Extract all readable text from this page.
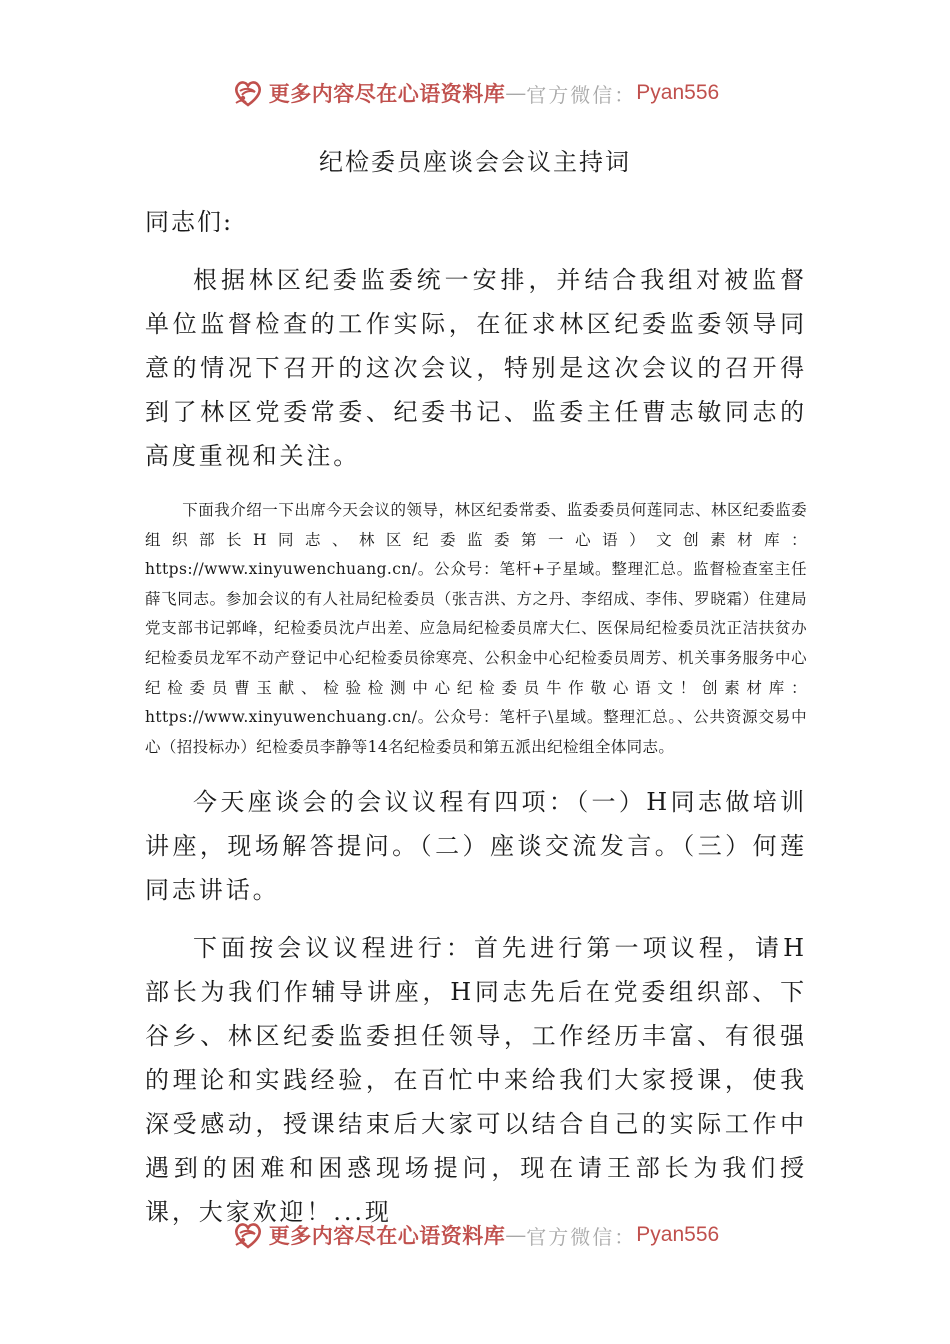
更多内容尽在心语资料库 — 官方微信： Pyan556
纪检委员座谈会会议主持词
同志们:

根据林区纪委监委统一安排，并结合我组对被监督单位监督检查的工作实际，在征求林区纪委监委领导同意的情况下召开的这次会议，特别是这次会议的召开得到了林区党委常委、纪委书记、监委主任曹志敏同志的高度重视和关注。

下面我介绍一下出席今天会议的领导，林区纪委常委、监委委员何莲同志、林区纪委监委组织部长H同志、林区纪委监委第一心语）文创素材库：https://www.xinyuwenchuang.cn/。公众号：笔杆+子星域。整理汇总。监督检查室主任薛飞同志。参加会议的有人社局纪检委员（张吉洪、方之丹、李绍成、李伟、罗晓霜）住建局党支部书记郭峰，纪检委员沈卢出差、应急局纪检委员席大仁、医保局纪检委员沈正洁扶贫办纪检委员龙军不动产登记中心纪检委员徐寒亮、公积金中心纪检委员周芳、机关事务服务中心纪检委员曹玉献、检验检测中心纪检委员牛作敬心语文！创素材库：https://www.xinyuwenchuang.cn/。公众号：笔杆子\星域。整理汇总。、公共资源交易中心（招投标办）纪检委员李静等14名纪检委员和第五派出纪检组全体同志。

今天座谈会的会议议程有四项：（一）H同志做培训讲座，现场解答提问。（二）座谈交流发言。（三）何莲同志讲话。

下面按会议议程进行：首先进行第一项议程，请H部长为我们作辅导讲座，H同志先后在党委组织部、下谷乡、林区纪委监委担任领导，工作经历丰富、有很强的理论和实践经验，在百忙中来给我们大家授课，使我深受感动，授课结束后大家可以结合自己的实际工作中遇到的困难和困惑现场提问，现在请王部长为我们授课，大家欢迎！...现

更多内容尽在心语资料库 — 官方微信： Pyan556
